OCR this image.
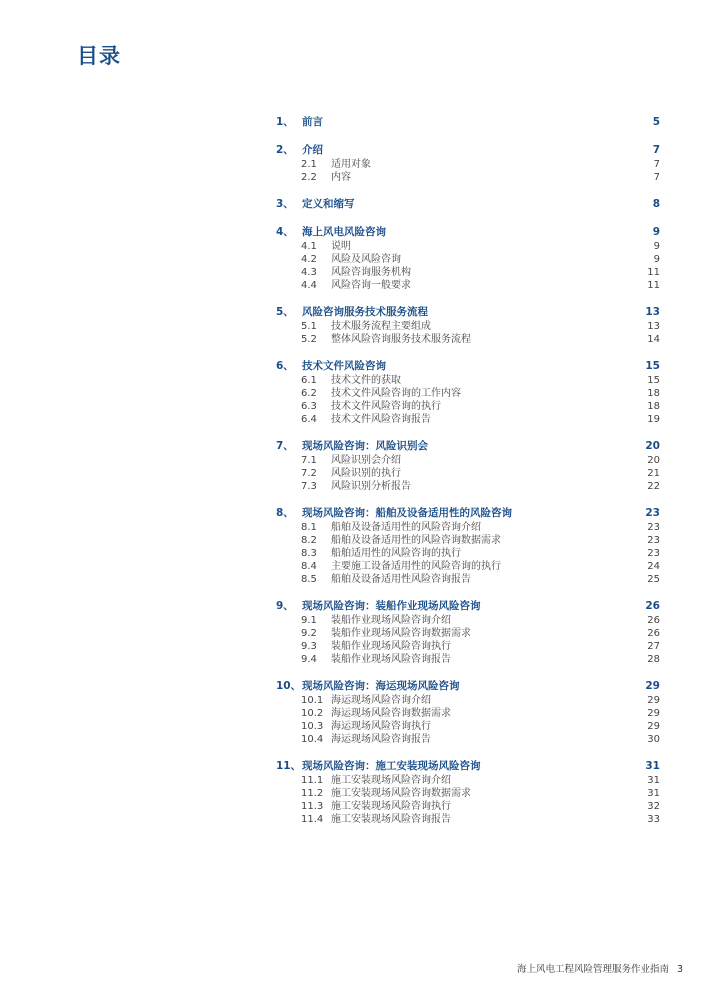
目录
1、 前言	5
2、 介绍	7
2.1 适用对象	7
2.2 内容	7
3、 定义和缩写	8
4、 海上风电风险咨询	9
4.1 说明	9
4.2 风险及风险咨询	9
4.3 风险咨询服务机构	11
4.4 风险咨询一般要求	11
5、 风险咨询服务技术服务流程	13
5.1 技术服务流程主要组成	13
5.2 整体风险咨询服务技术服务流程	14
6、 技术文件风险咨询	15
6.1 技术文件的获取	15
6.2 技术文件风险咨询的工作内容	18
6.3 技术文件风险咨询的执行	18
6.4 技术文件风险咨询报告	19
7、 现场风险咨询：风险识别会	20
7.1 风险识别会介绍	20
7.2 风险识别的执行	21
7.3 风险识别分析报告	22
8、 现场风险咨询：船舶及设备适用性的风险咨询	23
8.1 船舶及设备适用性的风险咨询介绍	23
8.2 船舶及设备适用性的风险咨询数据需求	23
8.3 船舶适用性的风险咨询的执行	23
8.4 主要施工设备适用性的风险咨询的执行	24
8.5 船舶及设备适用性风险咨询报告	25
9、 现场风险咨询：装船作业现场风险咨询	26
9.1 装船作业现场风险咨询介绍	26
9.2 装船作业现场风险咨询数据需求	26
9.3 装船作业现场风险咨询执行	27
9.4 装船作业现场风险咨询报告	28
10、 现场风险咨询：海运现场风险咨询	29
10.1 海运现场风险咨询介绍	29
10.2 海运现场风险咨询数据需求	29
10.3 海运现场风险咨询执行	29
10.4 海运现场风险咨询报告	30
11、 现场风险咨询：施工安装现场风险咨询	31
11.1 施工安装现场风险咨询介绍	31
11.2 施工安装现场风险咨询数据需求	31
11.3 施工安装现场风险咨询执行	32
11.4 施工安装现场风险咨询报告	33
海上风电工程风险管理服务作业指南 3
